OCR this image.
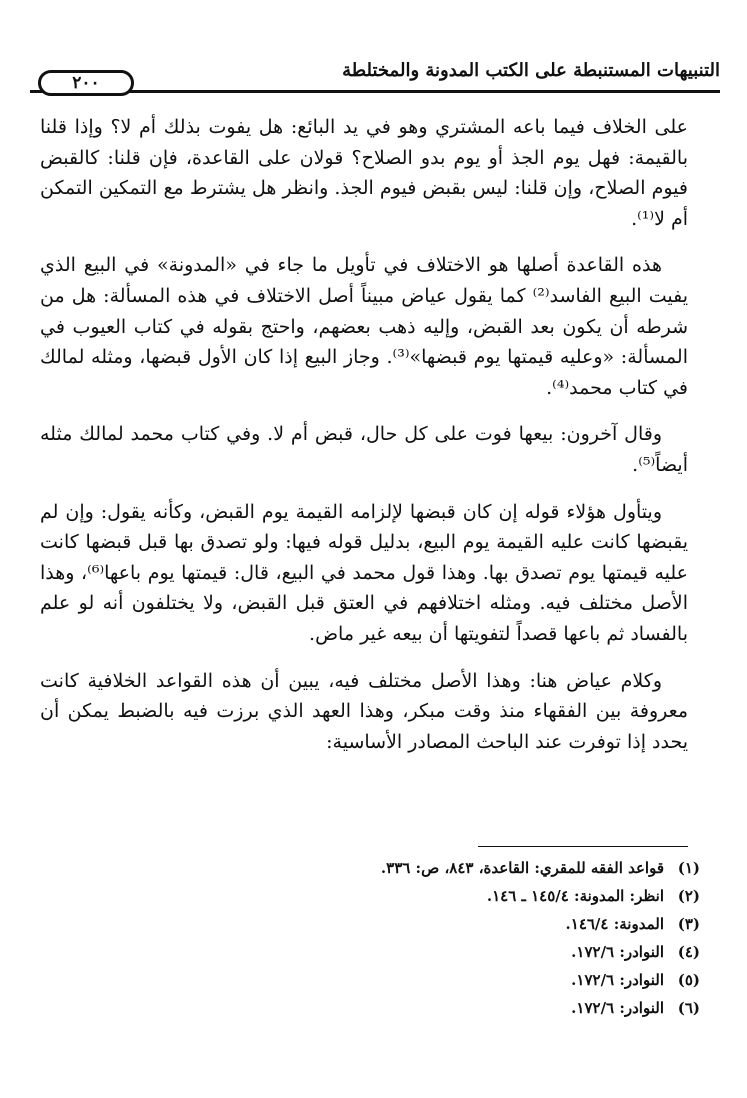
التنبيهات المستنبطة على الكتب المدونة والمختلطة
٢٠٠

على الخلاف فيما باعه المشتري وهو في يد البائع: هل يفوت بذلك أم لا؟ وإذا قلنا بالقيمة: فهل يوم الجذ أو يوم بدو الصلاح؟ قولان على القاعدة، فإن قلنا: كالقبض فيوم الصلاح، وإن قلنا: ليس بقبض فيوم الجذ. وانظر هل يشترط مع التمكين التمكن أم لا⁽¹⁾.

هذه القاعدة أصلها هو الاختلاف في تأويل ما جاء في «المدونة» في البيع الذي يفيت البيع الفاسد⁽²⁾ كما يقول عياض مبيناً أصل الاختلاف في هذه المسألة: هل من شرطه أن يكون بعد القبض، وإليه ذهب بعضهم، واحتج بقوله في كتاب العيوب في المسألة: «وعليه قيمتها يوم قبضها»⁽³⁾. وجاز البيع إذا كان الأول قبضها، ومثله لمالك في كتاب محمد⁽⁴⁾.

وقال آخرون: بيعها فوت على كل حال، قبض أم لا. وفي كتاب محمد لمالك مثله أيضاً⁽⁵⁾.

ويتأول هؤلاء قوله إن كان قبضها لإلزامه القيمة يوم القبض، وكأنه يقول: وإن لم يقبضها كانت عليه القيمة يوم البيع، بدليل قوله فيها: ولو تصدق بها قبل قبضها كانت عليه قيمتها يوم تصدق بها. وهذا قول محمد في البيع، قال: قيمتها يوم باعها⁽⁶⁾، وهذا الأصل مختلف فيه. ومثله اختلافهم في العتق قبل القبض، ولا يختلفون أنه لو علم بالفساد ثم باعها قصداً لتفويتها أن بيعه غير ماض.

وكلام عياض هنا: وهذا الأصل مختلف فيه، يبين أن هذه القواعد الخلافية كانت معروفة بين الفقهاء منذ وقت مبكر، وهذا العهد الذي برزت فيه بالضبط يمكن أن يحدد إذا توفرت عند الباحث المصادر الأساسية:

(١)
قواعد الفقه للمقري: القاعدة، ٨٤٣، ص: ٣٣٦.
(٢)
انظر: المدونة: ١٤٥/٤ ـ ١٤٦.
(٣)
المدونة: ١٤٦/٤.
(٤)
النوادر: ١٧٢/٦.
(٥)
النوادر: ١٧٢/٦.
(٦)
النوادر: ١٧٢/٦.
